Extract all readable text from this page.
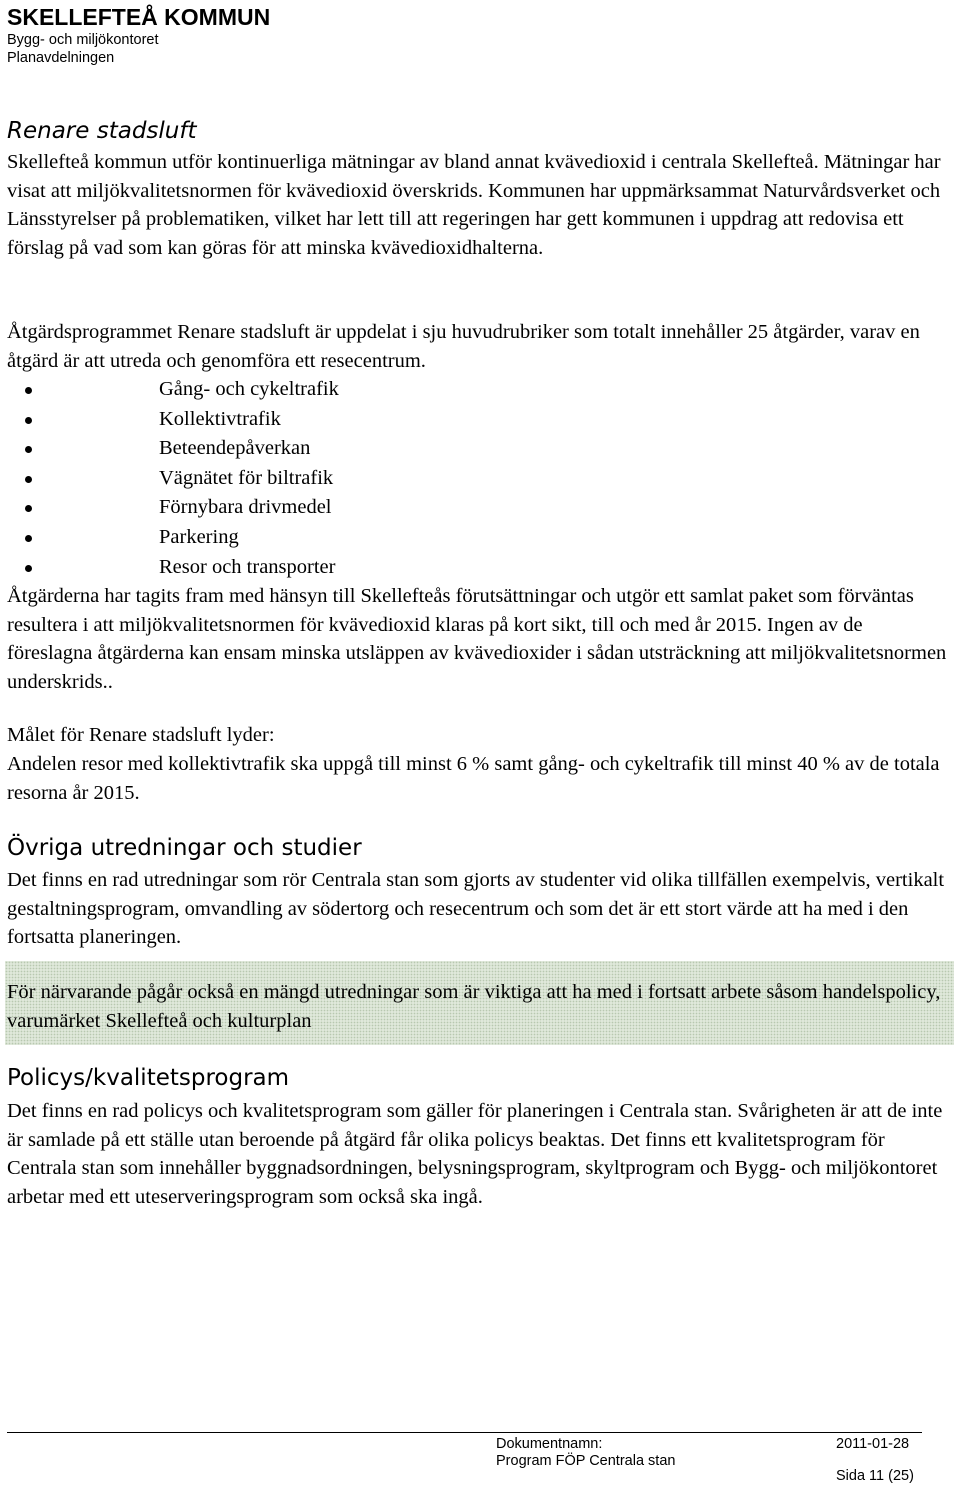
SKELLEFTEÅ KOMMUN
Bygg- och miljökontoret
Planavdelningen
Renare stadsluft

Skellefteå kommun utför kontinuerliga mätningar av bland annat kvävedioxid i centrala Skellefteå. Mätningar har visat att miljökvalitetsnormen för kvävedioxid överskrids. Kommunen har uppmärksammat Naturvårdsverket och Länsstyrelser på problematiken, vilket har lett till att regeringen har gett kommunen i uppdrag att redovisa ett förslag på vad som kan göras för att minska kvävedioxidhalterna.

Åtgärdsprogrammet Renare stadsluft är uppdelat i sju huvudrubriker som totalt innehåller 25 åtgärder, varav en åtgärd är att utreda och genomföra ett resecentrum.

Gång- och cykeltrafik
Kollektivtrafik
Beteendepåverkan
Vägnätet för biltrafik
Förnybara drivmedel
Parkering
Resor och transporter

Åtgärderna har tagits fram med hänsyn till Skellefteås förutsättningar och utgör ett samlat paket som förväntas resultera i att miljökvalitetsnormen för kvävedioxid klaras på kort sikt, till och med år 2015. Ingen av de föreslagna åtgärderna kan ensam minska utsläppen av kvävedioxider i sådan utsträckning att miljökvalitetsnormen underskrids..

Målet för Renare stadsluft lyder:

Andelen resor med kollektivtrafik ska uppgå till minst 6 % samt gång- och cykeltrafik till minst 40 % av de totala resorna år 2015.

Övriga utredningar och studier

Det finns en rad utredningar som rör Centrala stan som gjorts av studenter vid olika tillfällen exempelvis, vertikalt gestaltningsprogram, omvandling av södertorg och resecentrum och som det är ett stort värde att ha med i den fortsatta planeringen.

För närvarande pågår också en mängd utredningar som är viktiga att ha med i fortsatt arbete såsom handelspolicy, varumärket Skellefteå och kulturplan

Policys/kvalitetsprogram

Det finns en rad policys och kvalitetsprogram som gäller för planeringen i Centrala stan. Svårigheten är att de inte är samlade på ett ställe utan beroende på åtgärd får olika policys beaktas. Det finns ett kvalitetsprogram för Centrala stan som innehåller byggnadsordningen, belysningsprogram, skyltprogram och Bygg- och miljökontoret arbetar med ett uteserveringsprogram som också ska ingå.

Dokumentnamn:
Program FÖP Centrala stan
2011-01-28
Sida 11 (25)
